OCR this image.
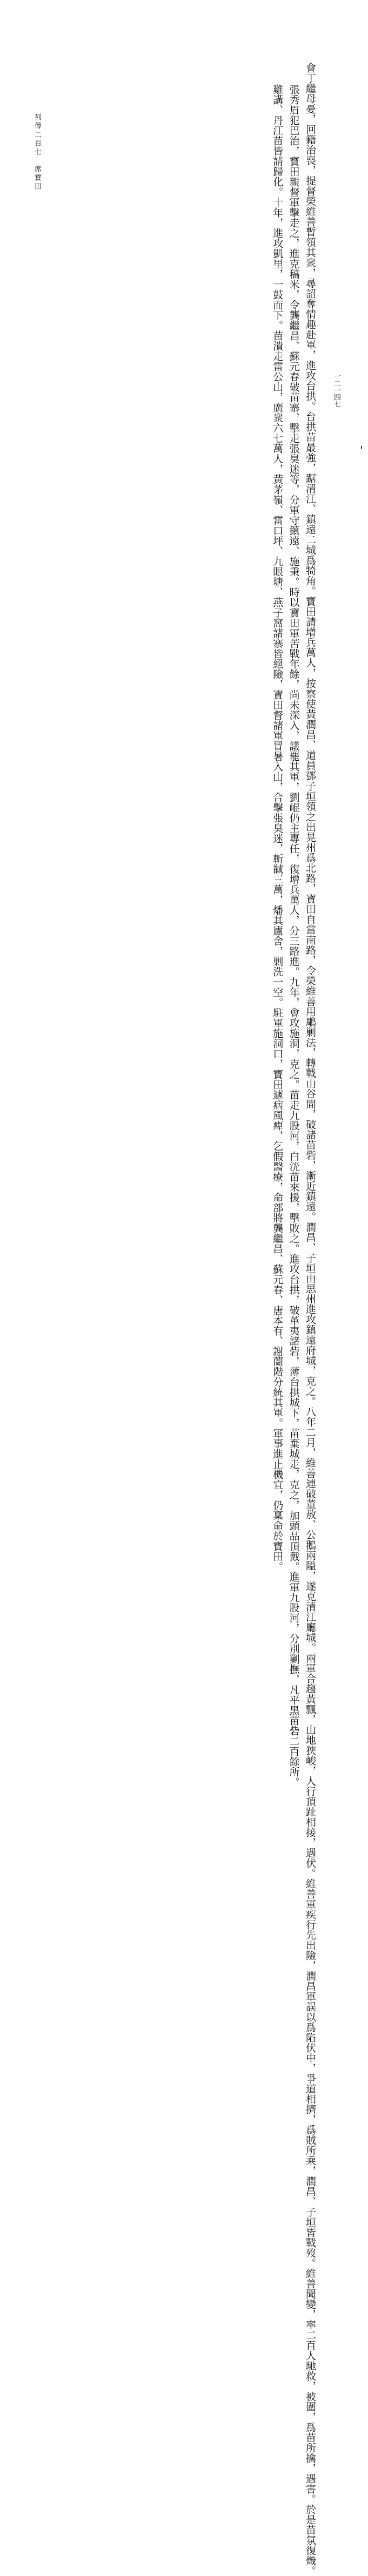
列傳二百七　席寶田	會丁繼母憂，回籍治喪，提督榮維善暫領其衆，尋詔奪情趣赴軍，進攻台拱。台拱苗最強，踞清江、鎮遠二城爲犄角。寶田請增兵萬人，按察使黃潤昌、道員鄧子垣領之出晃州爲北路，寶田自當南路，令榮維善用鵰剿法，轉戰山谷間，破諸苗砦，漸近鎮遠。潤昌、子垣由思州進攻鎮遠府城，克之。八年二月，維善連破董敖、公鵝兩隘，遂克清江廳城。兩軍合趨黃飄，山地狹峻，人行頂趾相接，遇伏。維善軍疾行先出險，潤昌軍誤以爲陷伏中，爭道相擠，爲賊所乘，潤昌、子垣皆戰歿。維善聞變，率二百人馳救，被圍，爲苗所擒，遇害。於是苗氛復熾。
張秀眉犯巴治，寶田親督軍擊走之，進克稿米，令龔繼昌、蘇元春破苗寨，擊走張臭迷等，分軍守鎮遠、施秉。時以寶田軍苦戰年餘，尚未深入，議罷其軍，劉崐仍主專任，復增兵萬人，分三路進。九年，會攻施洞，克之。苗走九股河，白洸苗來援，擊敗之。進攻台拱，破革夷諸砦，薄台拱城下，苗棄城走，克之，加頭品頂戴。進軍九股河，分別剿撫，凡平黑苗砦二百餘所。
雞講、丹江苗皆請歸化。十年，進攻凱里，一鼓而下。苗潰走雷公山，廣衆六七萬人，黃茅嶺、雷口坪、九眼塘、燕子窩諸寨皆絕險，寶田督諸軍冒暑入山，合擊張臭迷，斬馘三萬，燔其廬舍，剿洗一空。駐軍施洞口，寶田遽病風痺，乞假醫療，命部將龔繼昌、蘇元春、唐本有、謝蘭階分統其軍。軍事進止機宜，仍稟命於寶田。	一二一四七
